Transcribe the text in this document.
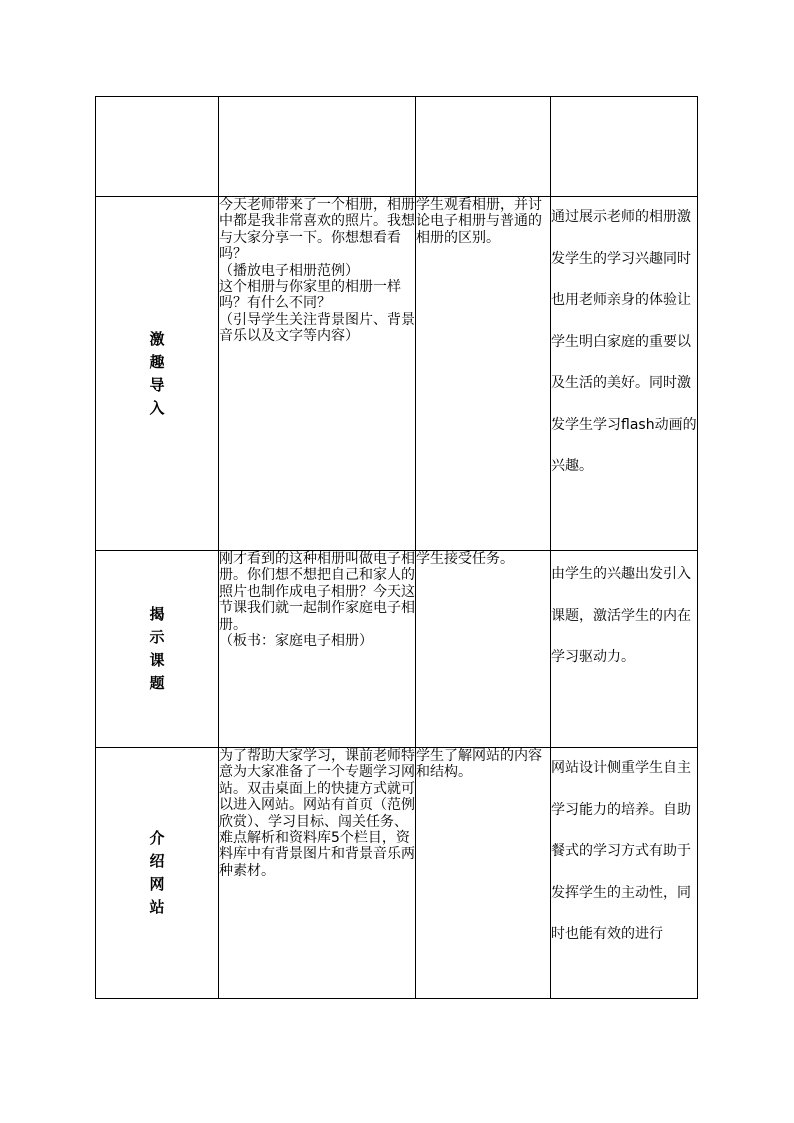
激趣导入	今天老师带来了一个相册，相册中都是我非常喜欢的照片。我想与大家分享一下。你想想看看吗？
（播放电子相册范例）
这个相册与你家里的相册一样吗？有什么不同？
（引导学生关注背景图片、背景音乐以及文字等内容）	学生观看相册，并讨论电子相册与普通的相册的区别。	通过展示老师的相册激发学生的学习兴趣同时也用老师亲身的体验让学生明白家庭的重要以及生活的美好。同时激发学生学习flash动画的兴趣。

揭示课题	刚才看到的这种相册叫做电子相册。你们想不想把自己和家人的照片也制作成电子相册？今天这节课我们就一起制作家庭电子相册。
（板书：家庭电子相册）	学生接受任务。	由学生的兴趣出发引入课题，激活学生的内在学习驱动力。

介绍网站	为了帮助大家学习，课前老师特意为大家准备了一个专题学习网站。双击桌面上的快捷方式就可以进入网站。网站有首页（范例欣赏）、学习目标、闯关任务、难点解析和资料库5个栏目，资料库中有背景图片和背景音乐两种素材。	学生了解网站的内容和结构。	网站设计侧重学生自主学习能力的培养。自助餐式的学习方式有助于发挥学生的主动性，同时也能有效的进行
